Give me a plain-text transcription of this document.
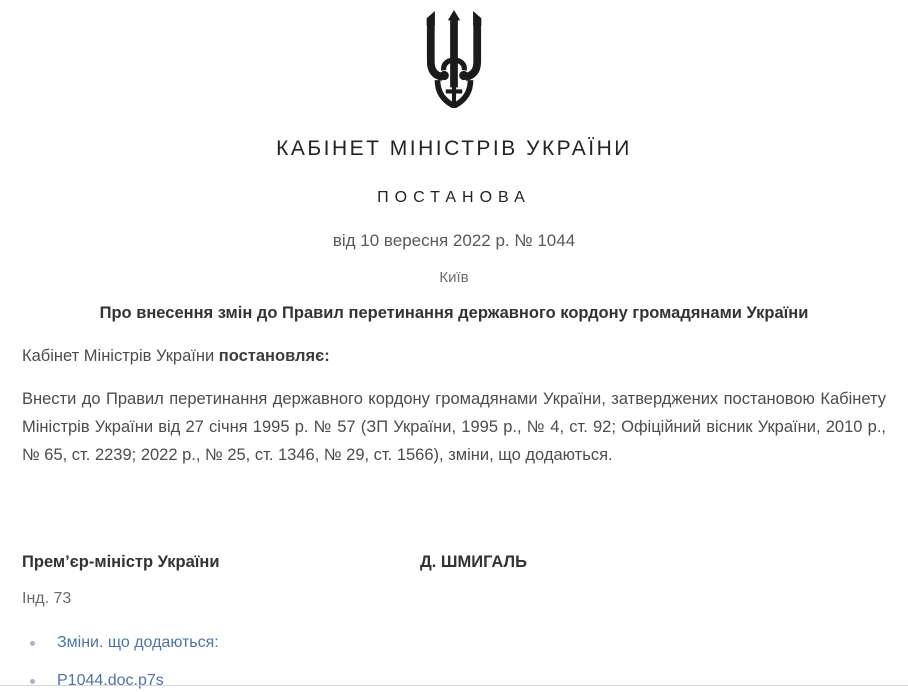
КАБІНЕТ МІНІСТРІВ УКРАЇНИ
ПОСТАНОВА
від 10 вересня 2022 р. № 1044
Київ
Про внесення змін до Правил перетинання державного кордону громадянами України

Кабінет Міністрів України постановляє:

Внести до Правил перетинання державного кордону громадянами України, затверджених постановою Кабінету Міністрів України від 27 січня 1995 р. № 57 (ЗП України, 1995 р., № 4, ст. 92; Офіційний вісник України, 2010 р., № 65, ст. 2239; 2022 р., № 25, ст. 1346, № 29, ст. 1566), зміни, що додаються.

Прем’єр-міністр України	Д. ШМИГАЛЬ
Інд. 73
Зміни. що додаються:
P1044.doc.p7s
